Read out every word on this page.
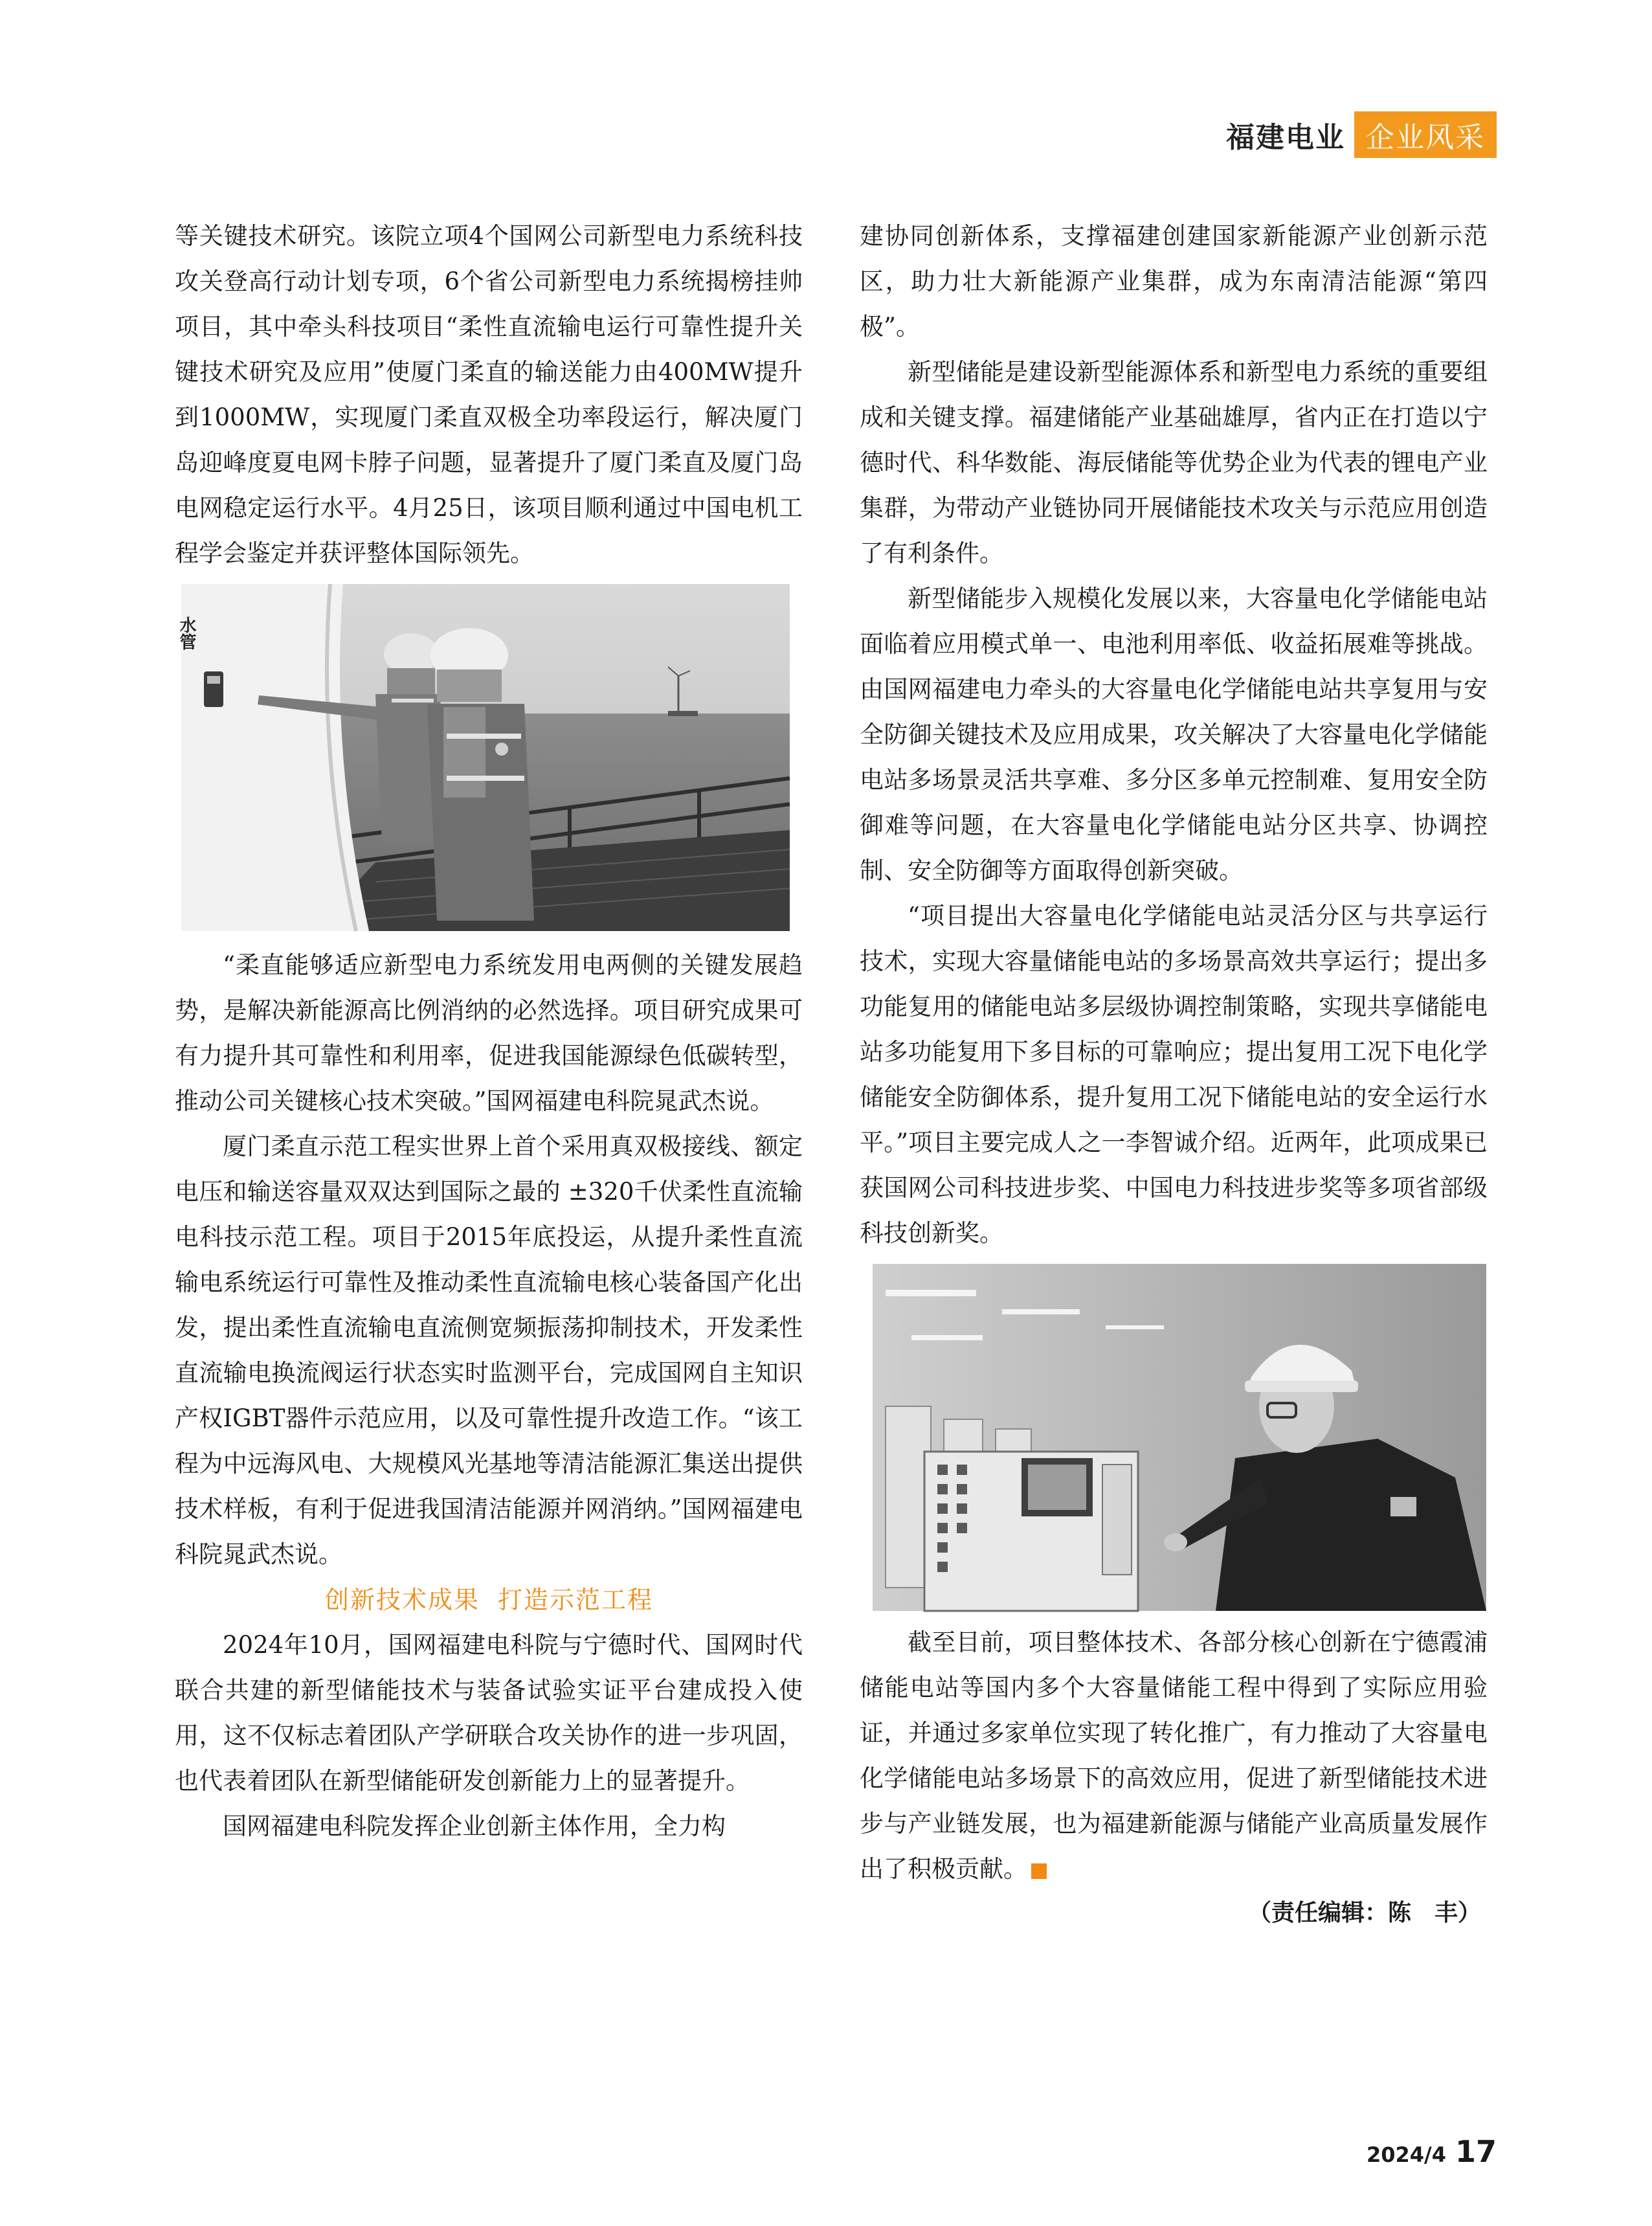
福建电业 企业风采

等关键技术研究。该院立项4个国网公司新型电力系统科技攻关登高行动计划专项，6个省公司新型电力系统揭榜挂帅项目，其中牵头科技项目“柔性直流输电运行可靠性提升关键技术研究及应用”使厦门柔直的输送能力由400MW提升到1000MW，实现厦门柔直双极全功率段运行，解决厦门岛迎峰度夏电网卡脖子问题，显著提升了厦门柔直及厦门岛电网稳定运行水平。4月25日，该项目顺利通过中国电机工程学会鉴定并获评整体国际领先。

水管

“柔直能够适应新型电力系统发用电两侧的关键发展趋势，是解决新能源高比例消纳的必然选择。项目研究成果可有力提升其可靠性和利用率，促进我国能源绿色低碳转型，推动公司关键核心技术突破。”国网福建电科院晁武杰说。

厦门柔直示范工程实世界上首个采用真双极接线、额定电压和输送容量双双达到国际之最的 ±320千伏柔性直流输电科技示范工程。项目于2015年底投运，从提升柔性直流输电系统运行可靠性及推动柔性直流输电核心装备国产化出发，提出柔性直流输电直流侧宽频振荡抑制技术，开发柔性直流输电换流阀运行状态实时监测平台，完成国网自主知识产权IGBT器件示范应用，以及可靠性提升改造工作。“该工程为中远海风电、大规模风光基地等清洁能源汇集送出提供技术样板，有利于促进我国清洁能源并网消纳。”国网福建电科院晁武杰说。

创新技术成果 打造示范工程

2024年10月，国网福建电科院与宁德时代、国网时代联合共建的新型储能技术与装备试验实证平台建成投入使用，这不仅标志着团队产学研联合攻关协作的进一步巩固，也代表着团队在新型储能研发创新能力上的显著提升。

国网福建电科院发挥企业创新主体作用，全力构

建协同创新体系，支撑福建创建国家新能源产业创新示范区，助力壮大新能源产业集群，成为东南清洁能源“第四极”。

新型储能是建设新型能源体系和新型电力系统的重要组成和关键支撑。福建储能产业基础雄厚，省内正在打造以宁德时代、科华数能、海辰储能等优势企业为代表的锂电产业集群，为带动产业链协同开展储能技术攻关与示范应用创造了有利条件。

新型储能步入规模化发展以来，大容量电化学储能电站面临着应用模式单一、电池利用率低、收益拓展难等挑战。由国网福建电力牵头的大容量电化学储能电站共享复用与安全防御关键技术及应用成果，攻关解决了大容量电化学储能电站多场景灵活共享难、多分区多单元控制难、复用安全防御难等问题，在大容量电化学储能电站分区共享、协调控制、安全防御等方面取得创新突破。

“项目提出大容量电化学储能电站灵活分区与共享运行技术，实现大容量储能电站的多场景高效共享运行；提出多功能复用的储能电站多层级协调控制策略，实现共享储能电站多功能复用下多目标的可靠响应；提出复用工况下电化学储能安全防御体系，提升复用工况下储能电站的安全运行水平。”项目主要完成人之一李智诚介绍。近两年，此项成果已获国网公司科技进步奖、中国电力科技进步奖等多项省部级科技创新奖。

截至目前，项目整体技术、各部分核心创新在宁德霞浦储能电站等国内多个大容量储能工程中得到了实际应用验证，并通过多家单位实现了转化推广，有力推动了大容量电化学储能电站多场景下的高效应用，促进了新型储能技术进步与产业链发展，也为福建新能源与储能产业高质量发展作出了积极贡献。

（责任编辑：陈　丰）
2024/4 17
